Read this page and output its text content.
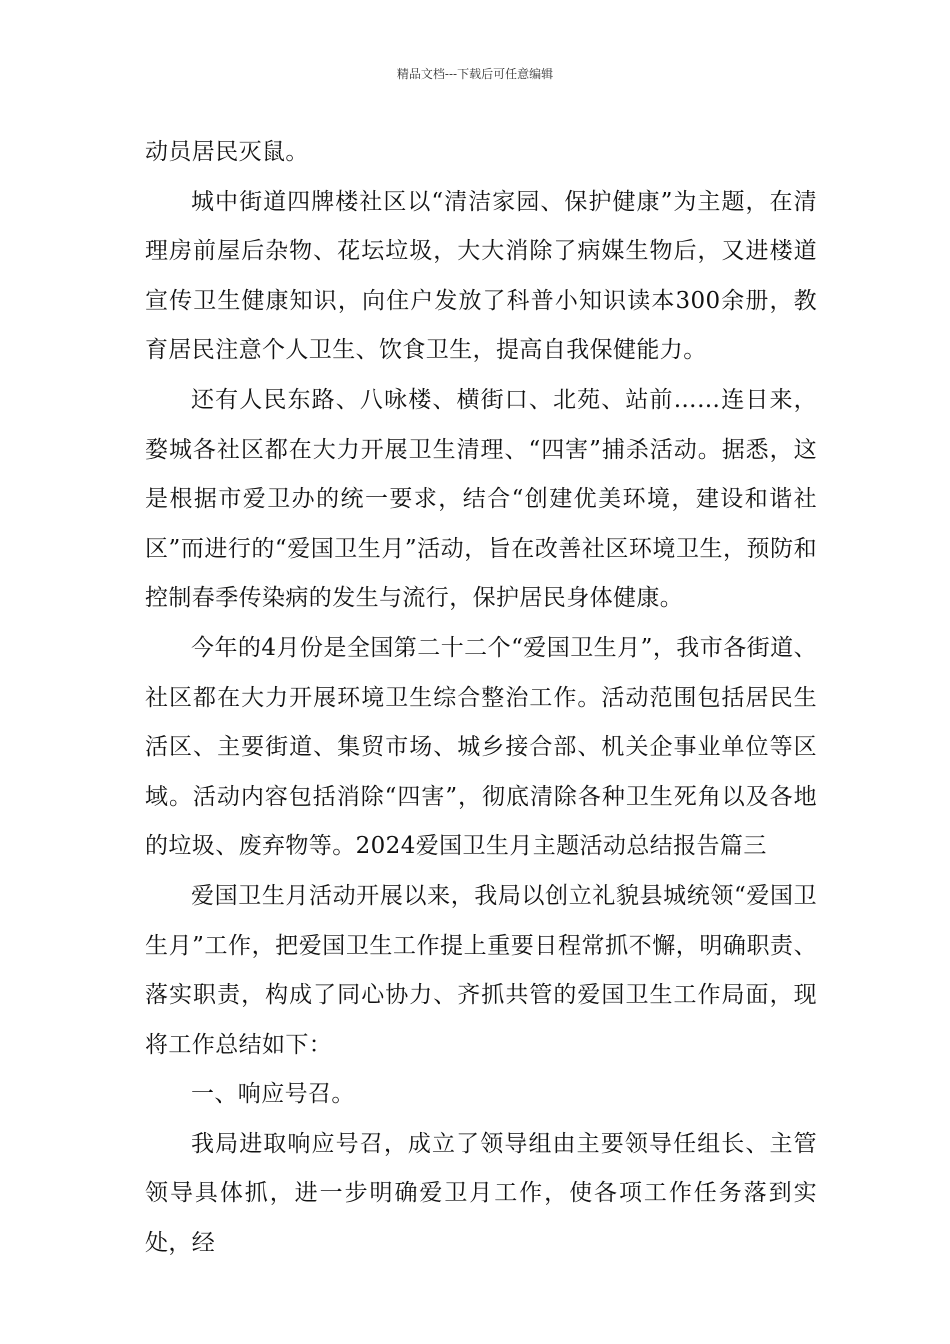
精品文档---下载后可任意编辑

动员居民灭鼠。

城中街道四牌楼社区以“清洁家园、保护健康”为主题，在清理房前屋后杂物、花坛垃圾，大大消除了病媒生物后，又进楼道宣传卫生健康知识，向住户发放了科普小知识读本300余册，教育居民注意个人卫生、饮食卫生，提高自我保健能力。

还有人民东路、八咏楼、横街口、北苑、站前……连日来，婺城各社区都在大力开展卫生清理、“四害”捕杀活动。据悉，这是根据市爱卫办的统一要求，结合“创建优美环境，建设和谐社区”而进行的“爱国卫生月”活动，旨在改善社区环境卫生，预防和控制春季传染病的发生与流行，保护居民身体健康。

今年的4月份是全国第二十二个“爱国卫生月”，我市各街道、社区都在大力开展环境卫生综合整治工作。活动范围包括居民生活区、主要街道、集贸市场、城乡接合部、机关企事业单位等区域。活动内容包括消除“四害”，彻底清除各种卫生死角以及各地的垃圾、废弃物等。2024爱国卫生月主题活动总结报告篇三

爱国卫生月活动开展以来，我局以创立礼貌县城统领“爱国卫生月”工作，把爱国卫生工作提上重要日程常抓不懈，明确职责、落实职责，构成了同心协力、齐抓共管的爱国卫生工作局面，现将工作总结如下：

一、响应号召。

我局进取响应号召，成立了领导组由主要领导任组长、主管领导具体抓，进一步明确爱卫月工作，使各项工作任务落到实处，经
